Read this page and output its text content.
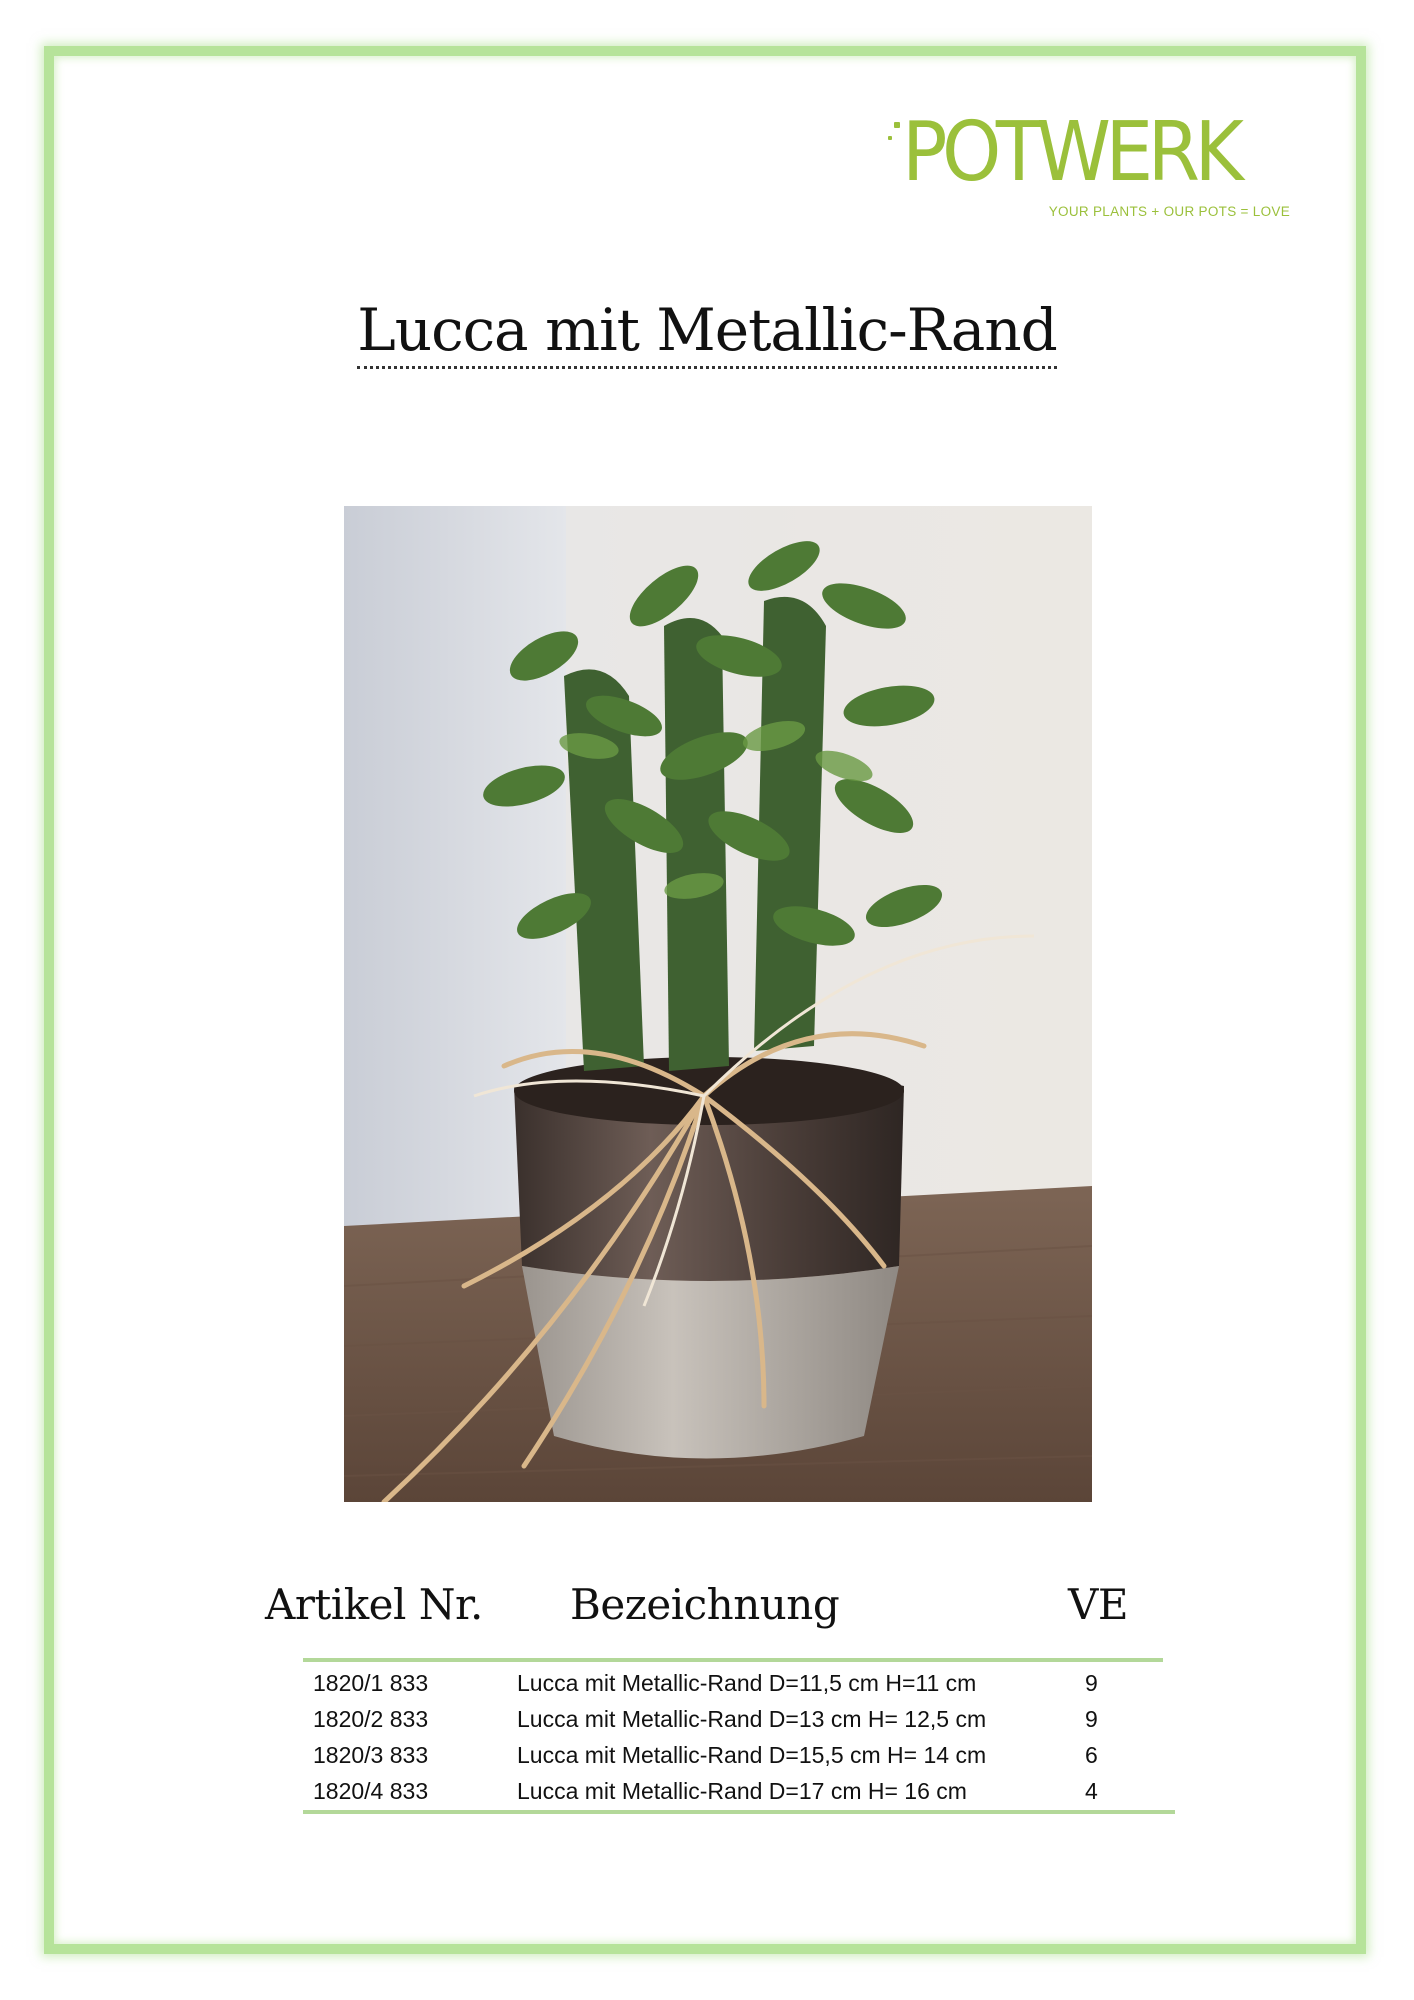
POTWERK
YOUR PLANTS + OUR POTS = LOVE
Lucca mit Metallic-Rand
Artikel Nr. Bezeichnung	VE
1820/1 833	Lucca mit Metallic-Rand D=11,5 cm H=11 cm	9
1820/2 833	Lucca mit Metallic-Rand D=13 cm H= 12,5 cm	9
1820/3 833	Lucca mit Metallic-Rand D=15,5 cm H= 14 cm	6
1820/4 833	Lucca mit Metallic-Rand D=17 cm H= 16 cm	4
